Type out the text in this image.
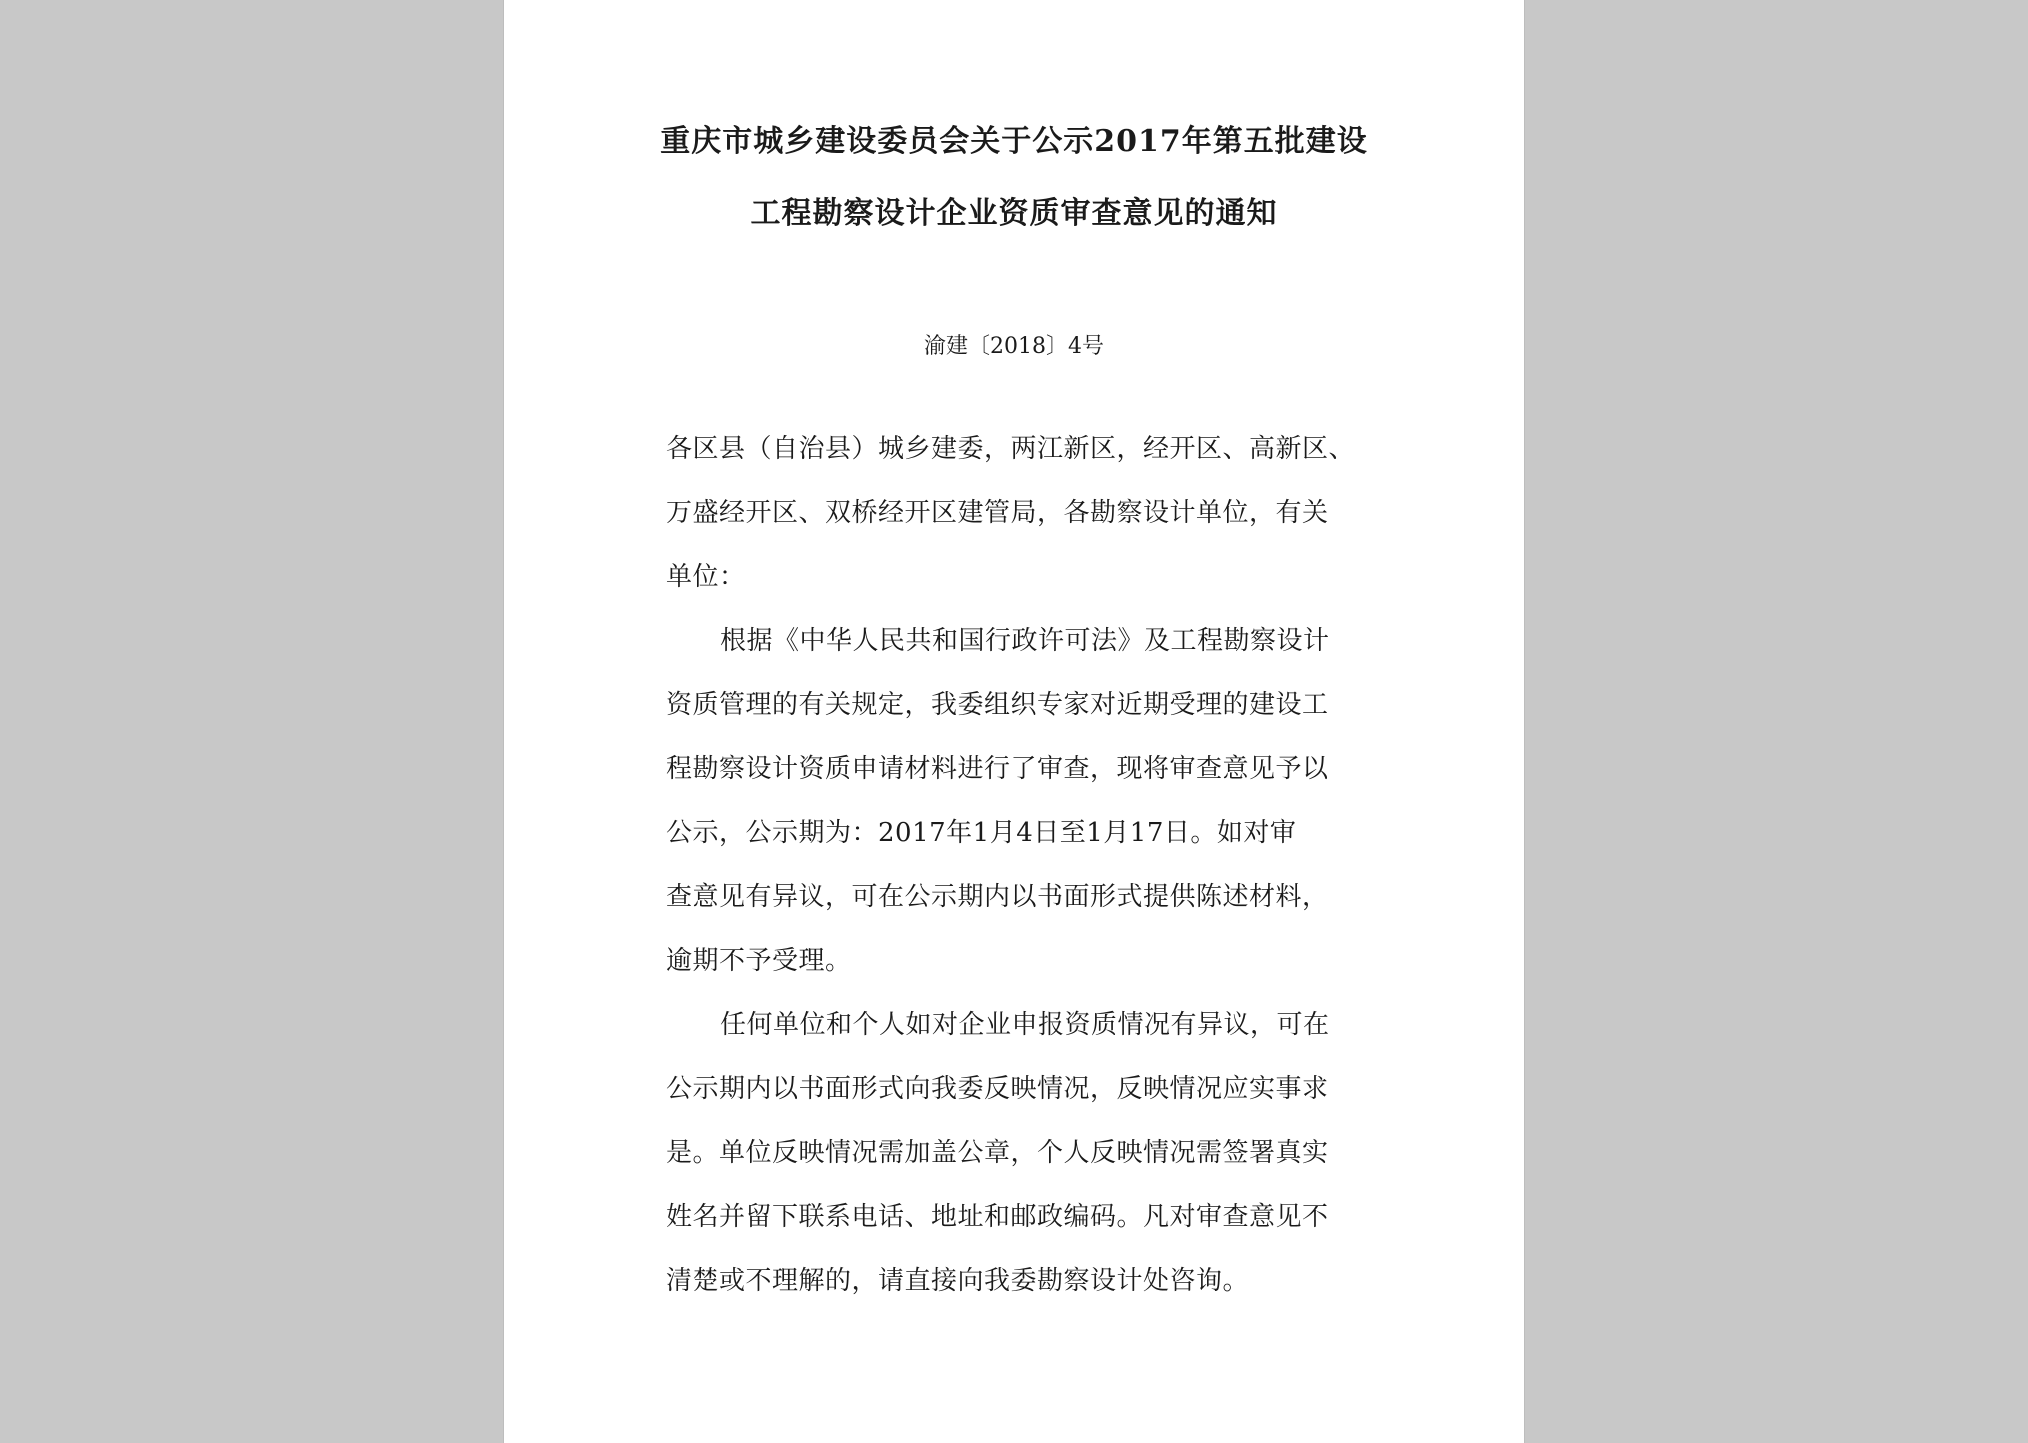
重庆市城乡建设委员会关于公示2017年第五批建设
工程勘察设计企业资质审查意见的通知
渝建〔2018〕4号
各区县（自治县）城乡建委，两江新区，经开区、高新区、
万盛经开区、双桥经开区建管局，各勘察设计单位，有关
单位：
根据《中华人民共和国行政许可法》及工程勘察设计
资质管理的有关规定，我委组织专家对近期受理的建设工
程勘察设计资质申请材料进行了审查，现将审查意见予以
公示，公示期为：2017年1月4日至1月17日。如对审
查意见有异议，可在公示期内以书面形式提供陈述材料，
逾期不予受理。
任何单位和个人如对企业申报资质情况有异议，可在
公示期内以书面形式向我委反映情况，反映情况应实事求
是。单位反映情况需加盖公章，个人反映情况需签署真实
姓名并留下联系电话、地址和邮政编码。凡对审查意见不
清楚或不理解的，请直接向我委勘察设计处咨询。
